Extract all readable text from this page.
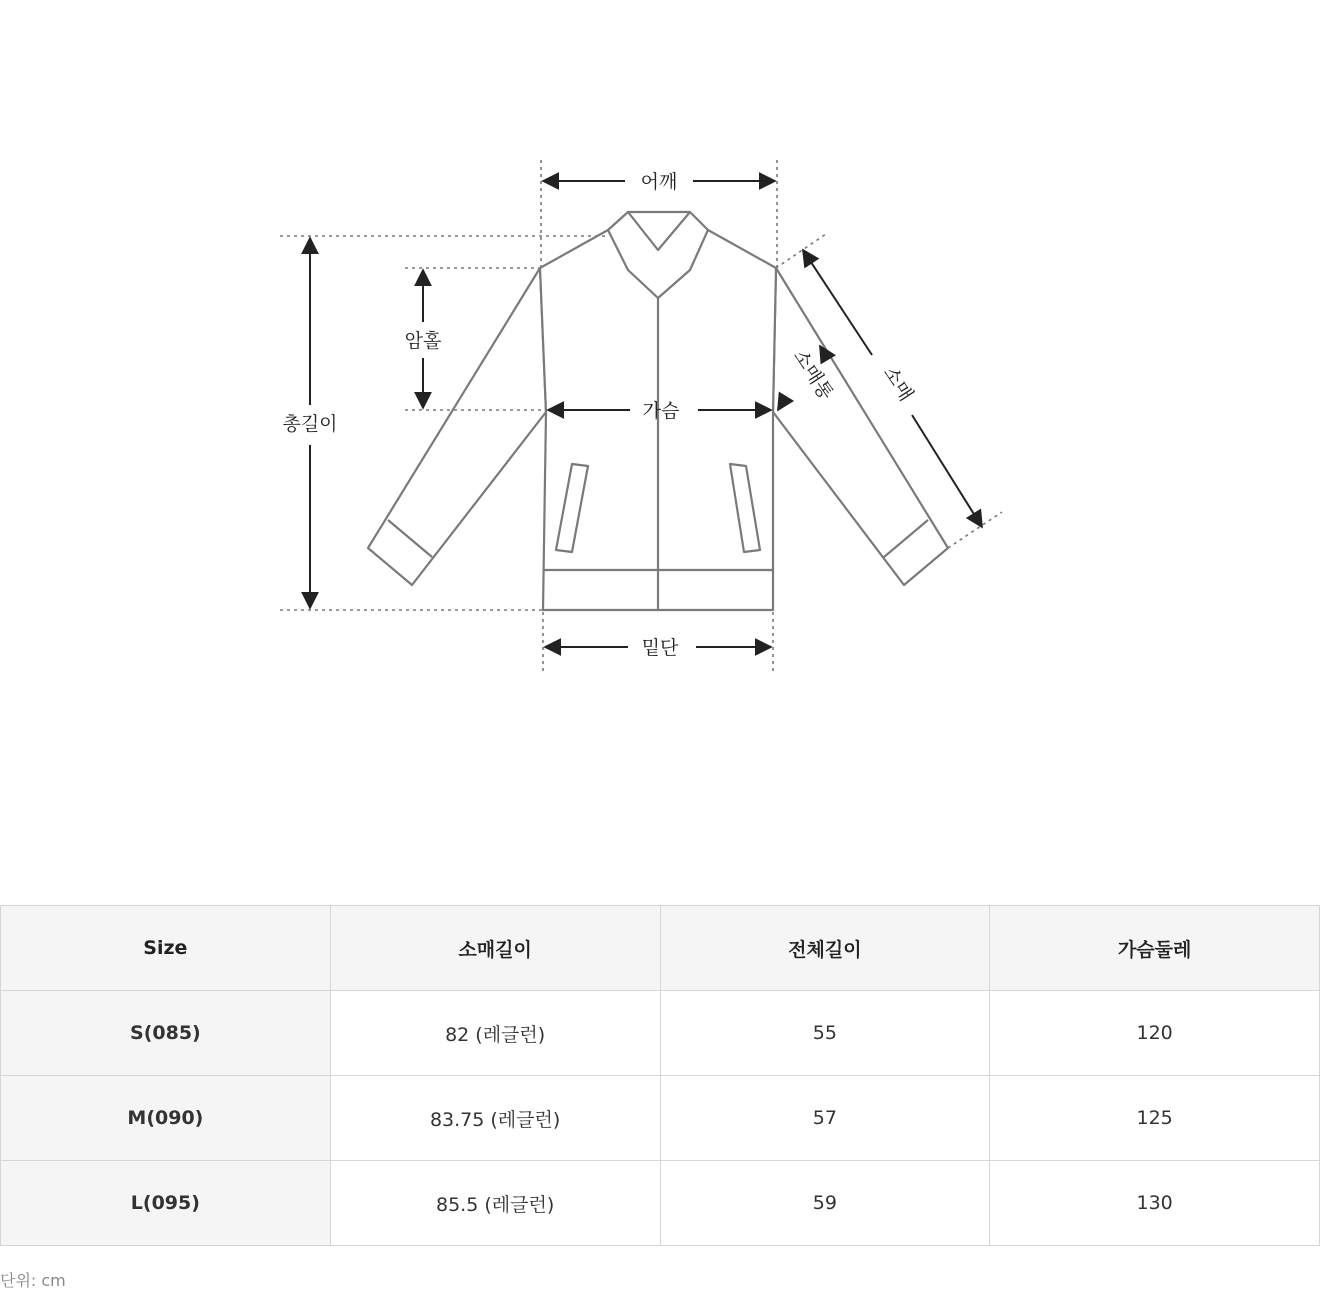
어깨
총길이
암홀
가슴
밑단
소매
소매통
Size	소매길이	전체길이	가슴둘레
S(085)	82 (레글런)	55	120
M(090)	83.75 (레글런)	57	125
L(095)	85.5 (레글런)	59	130
단위: cm
